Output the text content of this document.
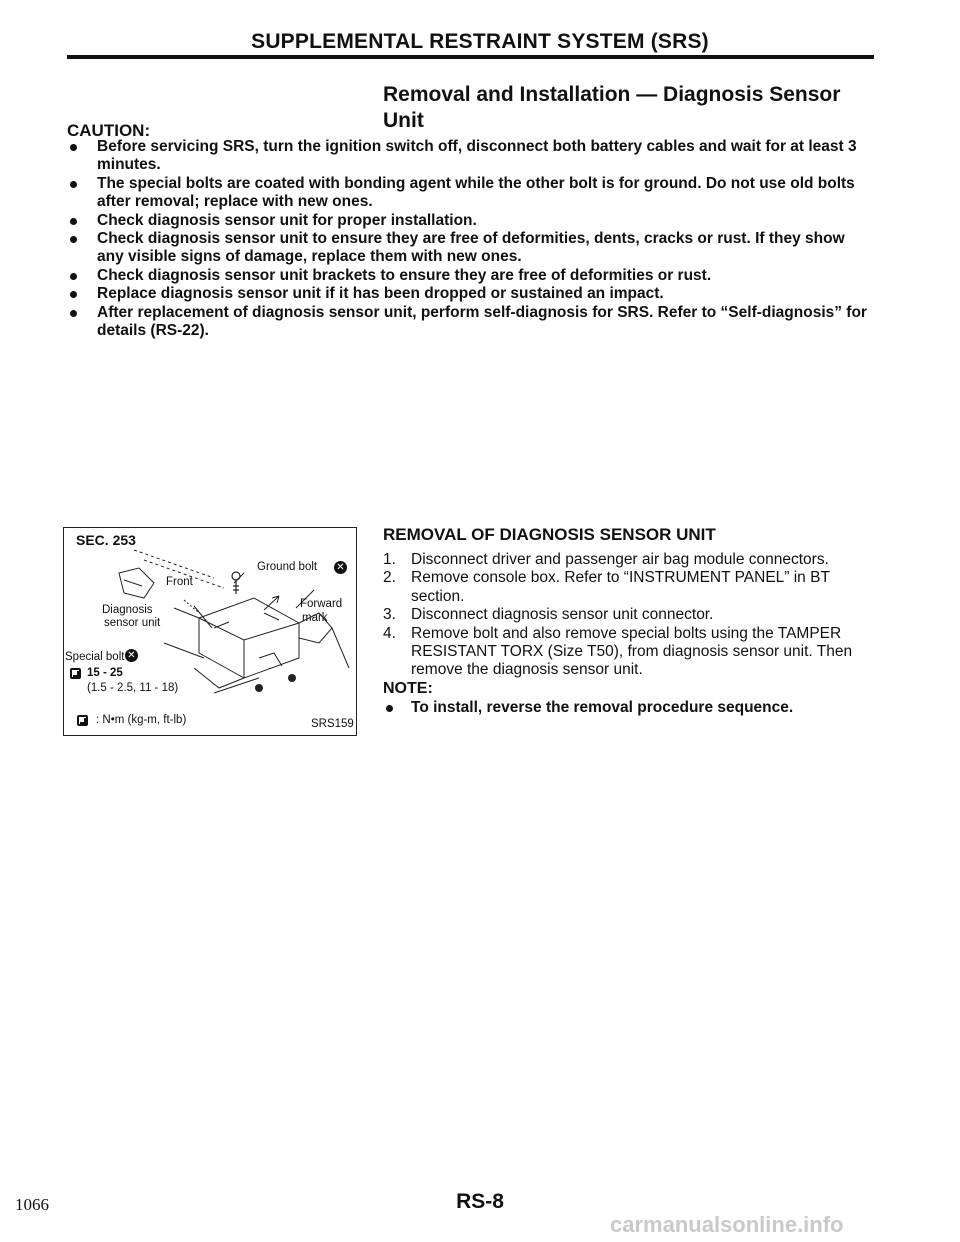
SUPPLEMENTAL RESTRAINT SYSTEM (SRS)
Removal and Installation — Diagnosis Sensor
Unit
CAUTION:
Before servicing SRS, turn the ignition switch off, disconnect both battery cables and wait for at least 3 minutes.
The special bolts are coated with bonding agent while the other bolt is for ground. Do not use old bolts after removal; replace with new ones.
Check diagnosis sensor unit for proper installation.
Check diagnosis sensor unit to ensure they are free of deformities, dents, cracks or rust. If they show any visible signs of damage, replace them with new ones.
Check diagnosis sensor unit brackets to ensure they are free of deformities or rust.
Replace diagnosis sensor unit if it has been dropped or sustained an impact.
After replacement of diagnosis sensor unit, perform self-diagnosis for SRS. Refer to “Self-diagnosis” for details (RS-22).
SEC. 253
Ground bolt ✕
Front
Diagnosis
sensor unit
Forward
mark
Special bolt ✕
15 - 25
(1.5 - 2.5, 11 - 18)
: N•m (kg-m, ft-lb)	SRS159
REMOVAL OF DIAGNOSIS SENSOR UNIT
1. Disconnect driver and passenger air bag module connectors.
2. Remove console box. Refer to “INSTRUMENT PANEL” in BT section.
3. Disconnect diagnosis sensor unit connector.
4. Remove bolt and also remove special bolts using the TAMPER RESISTANT TORX (Size T50), from diagnosis sensor unit. Then remove the diagnosis sensor unit.
NOTE:
To install, reverse the removal procedure sequence.
1066	RS-8
carmanualsonline.info
